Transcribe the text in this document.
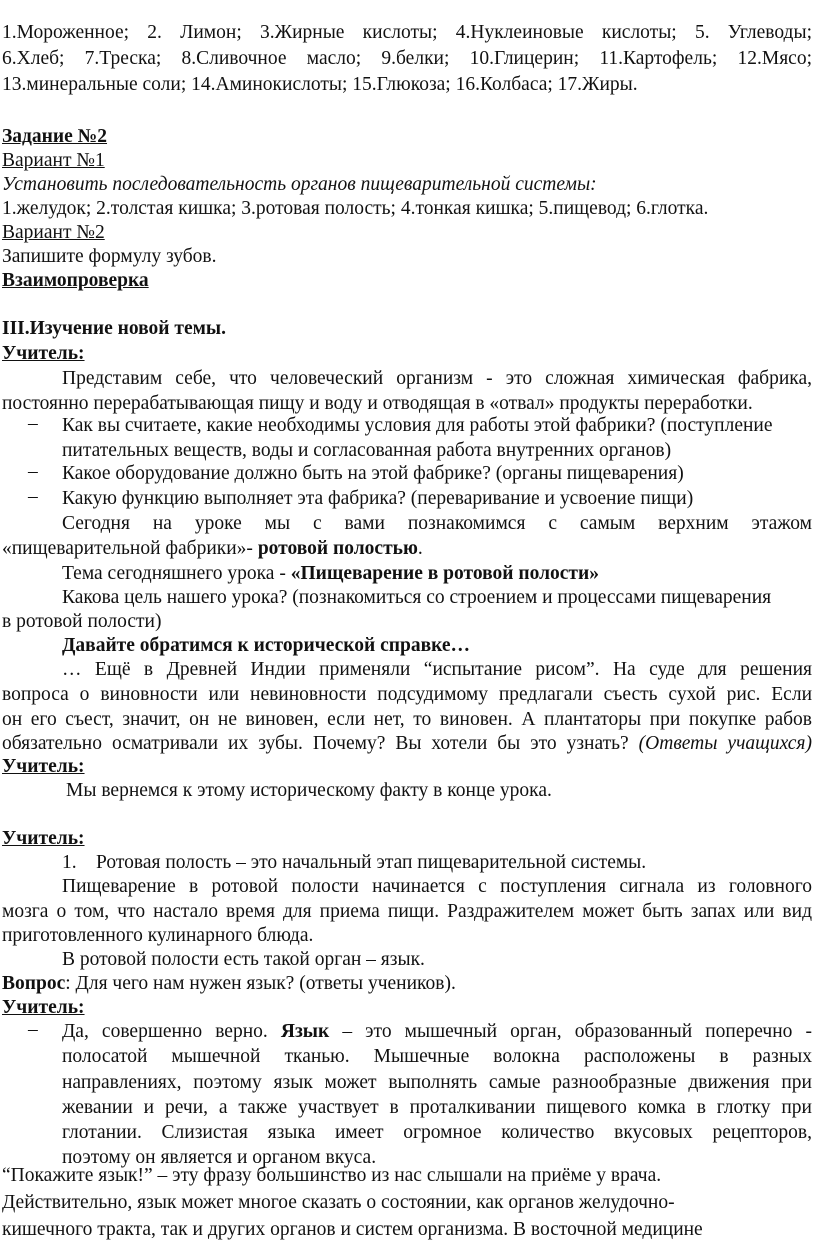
1.Мороженное; 2. Лимон; 3.Жирные кислоты; 4.Нуклеиновые кислоты; 5. Углеводы;

6.Хлеб; 7.Треска; 8.Сливочное масло; 9.белки; 10.Глицерин; 11.Картофель; 12.Мясо;

13.минеральные соли; 14.Аминокислоты; 15.Глюкоза; 16.Колбаса; 17.Жиры.

Задание №2

Вариант №1

Установить последовательность органов пищеварительной системы:

1.желудок; 2.толстая кишка; 3.ротовая полость; 4.тонкая кишка; 5.пищевод; 6.глотка.

Вариант №2

Запишите формулу зубов.

Взаимопроверка

III.Изучение новой темы.

Учитель:

Представим себе, что человеческий организм - это сложная химическая фабрика,

постоянно перерабатывающая пищу и воду и отводящая в «отвал» продукты переработки.

–	Как вы считаете, какие необходимы условия для работы этой фабрики? (поступление
питательных веществ, воды и согласованная работа внутренних органов)
–	Какое оборудование должно быть на этой фабрике? (органы пищеварения)
–	Какую функцию выполняет эта фабрика? (переваривание и усвоение пищи)

Сегодня на уроке мы с вами познакомимся с самым верхним этажом

«пищеварительной фабрики»- ротовой полостью.

Тема сегодняшнего урока - «Пищеварение в ротовой полости»

Какова цель нашего урока? (познакомиться со строением и процессами пищеварения

в ротовой полости)

Давайте обратимся к исторической справке…

… Ещё в Древней Индии применяли “испытание рисом”. На суде для решения

вопроса о виновности или невиновности подсудимому предлагали съесть сухой рис. Если

он его съест, значит, он не виновен, если нет, то виновен. А плантаторы при покупке рабов

обязательно осматривали их зубы. Почему? Вы хотели бы это узнать? (Ответы учащихся)

Учитель:

Мы вернемся к этому историческому факту в конце урока.

Учитель:

1. Ротовая полость – это начальный этап пищеварительной системы.

Пищеварение в ротовой полости начинается с поступления сигнала из головного

мозга о том, что настало время для приема пищи. Раздражителем может быть запах или вид

приготовленного кулинарного блюда.

В ротовой полости есть такой орган – язык.

Вопрос: Для чего нам нужен язык? (ответы учеников).

Учитель:

–	Да, совершенно верно. Язык – это мышечный орган, образованный поперечно -
полосатой мышечной тканью. Мышечные волокна расположены в разных
направлениях, поэтому язык может выполнять самые разнообразные движения при
жевании и речи, а также участвует в проталкивании пищевого комка в глотку при
глотании. Слизистая языка имеет огромное количество вкусовых рецепторов,
поэтому он является и органом вкуса.

“Покажите язык!” – эту фразу большинство из нас слышали на приёме у врача.

Действительно, язык может многое сказать о состоянии, как органов желудочно-

кишечного тракта, так и других органов и систем организма. В восточной медицине
